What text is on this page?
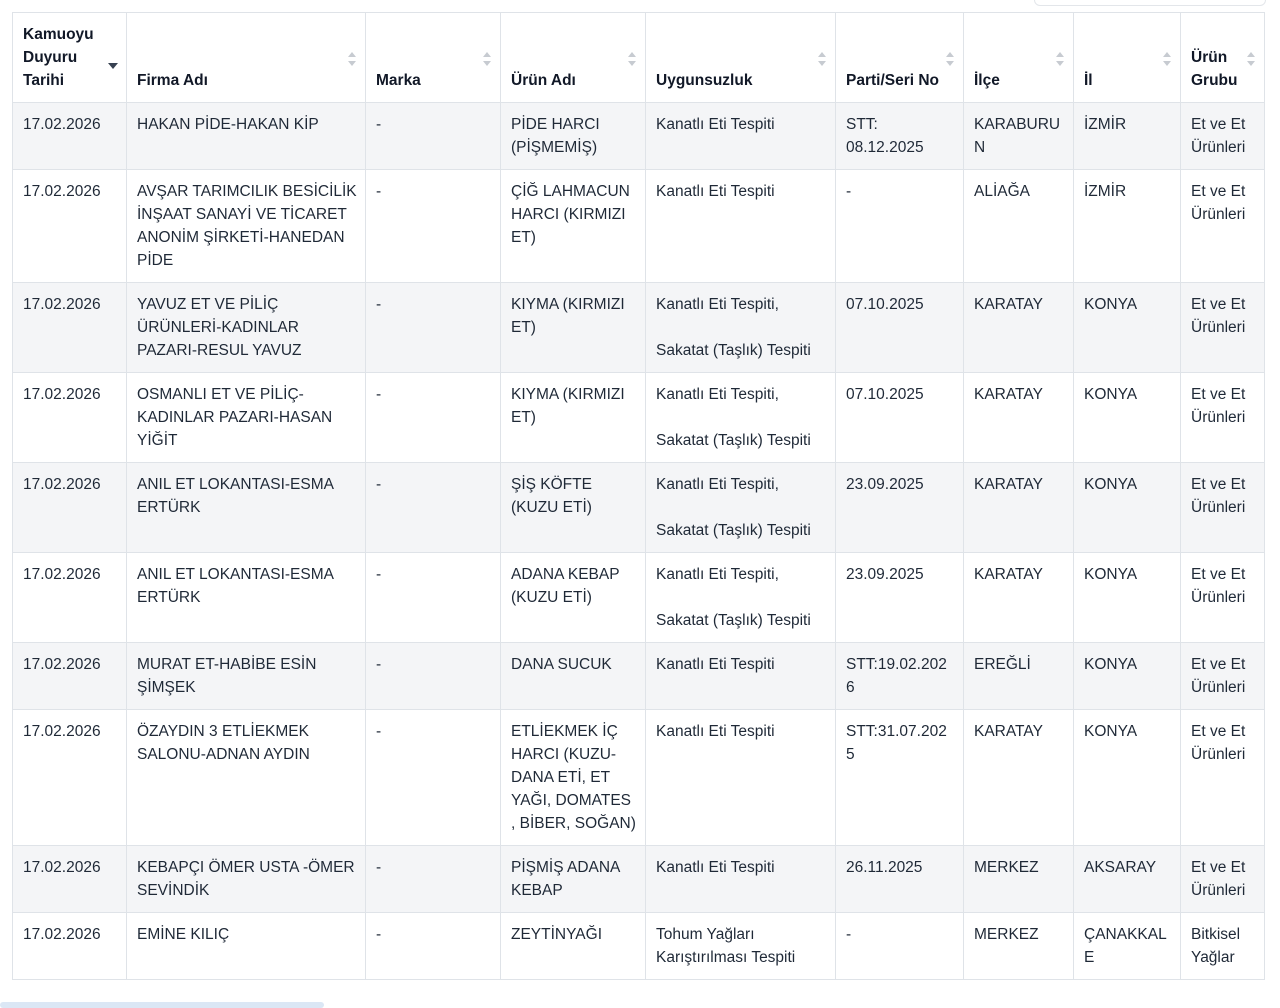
Kamuoyu Duyuru Tarihi	Firma Adı	Marka	Ürün Adı	Uygunsuzluk	Parti/Seri No	İlçe	İl	Ürün Grubu

17.02.2026	HAKAN PİDE-HAKAN KİP	-	PİDE HARCI (PİŞMEMİŞ)	Kanatlı Eti Tespiti	STT: 08.12.2025	KARABURUN	İZMİR	Et ve Et Ürünleri
17.02.2026	AVŞAR TARIMCILIK BESİCİLİK İNŞAAT SANAYİ VE TİCARET ANONİM ŞİRKETİ-HANEDAN PİDE	-	ÇİĞ LAHMACUN HARCI (KIRMIZI ET)	Kanatlı Eti Tespiti	-	ALİAĞA	İZMİR	Et ve Et Ürünleri
17.02.2026	YAVUZ ET VE PİLİÇ ÜRÜNLERİ-KADINLAR PAZARI-RESUL YAVUZ	-	KIYMA (KIRMIZI ET)	Kanatlı Eti Tespiti,
Sakatat (Taşlık) Tespiti	07.10.2025	KARATAY	KONYA	Et ve Et Ürünleri
17.02.2026	OSMANLI ET VE PİLİÇ-KADINLAR PAZARI-HASAN YİĞİT	-	KIYMA (KIRMIZI ET)	Kanatlı Eti Tespiti,
Sakatat (Taşlık) Tespiti	07.10.2025	KARATAY	KONYA	Et ve Et Ürünleri
17.02.2026	ANIL ET LOKANTASI-ESMA ERTÜRK	-	ŞİŞ KÖFTE (KUZU ETİ)	Kanatlı Eti Tespiti,
Sakatat (Taşlık) Tespiti	23.09.2025	KARATAY	KONYA	Et ve Et Ürünleri
17.02.2026	ANIL ET LOKANTASI-ESMA ERTÜRK	-	ADANA KEBAP (KUZU ETİ)	Kanatlı Eti Tespiti,
Sakatat (Taşlık) Tespiti	23.09.2025	KARATAY	KONYA	Et ve Et Ürünleri
17.02.2026	MURAT ET-HABİBE ESİN ŞİMŞEK	-	DANA SUCUK	Kanatlı Eti Tespiti	STT:19.02.2026	EREĞLİ	KONYA	Et ve Et Ürünleri
17.02.2026	ÖZAYDIN 3 ETLİEKMEK SALONU-ADNAN AYDIN	-	ETLİEKMEK İÇ HARCI (KUZU-DANA ETİ, ET YAĞI, DOMATES , BİBER, SOĞAN)	Kanatlı Eti Tespiti	STT:31.07.2025	KARATAY	KONYA	Et ve Et Ürünleri
17.02.2026	KEBAPÇI ÖMER USTA -ÖMER SEVİNDİK	-	PİŞMİŞ ADANA KEBAP	Kanatlı Eti Tespiti	26.11.2025	MERKEZ	AKSARAY	Et ve Et Ürünleri
17.02.2026	EMİNE KILIÇ	-	ZEYTİNYAĞI	Tohum Yağları Karıştırılması Tespiti	-	MERKEZ	ÇANAKKALE	Bitkisel Yağlar
